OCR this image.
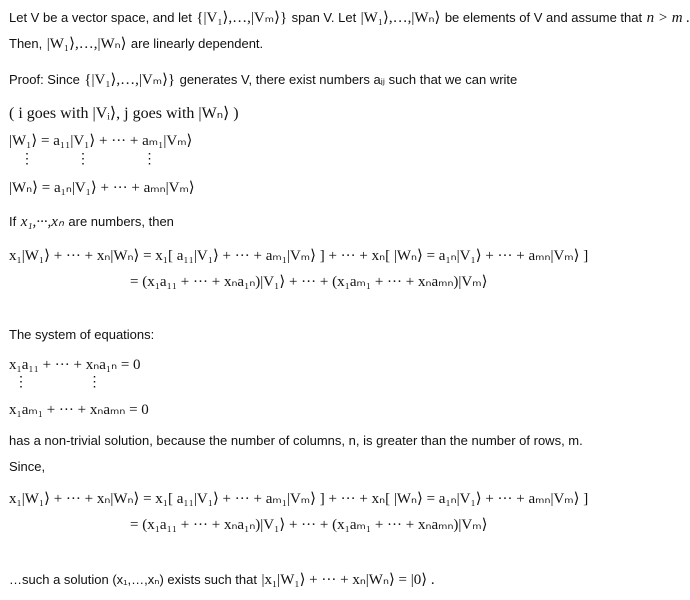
Let V be a vector space, and let {|V₁⟩,…,|Vₘ⟩} span V. Let |W₁⟩,…,|Wₙ⟩ be elements of V and assume that n > m .
Then, |W₁⟩,…,|Wₙ⟩ are linearly dependent.
Proof: Since {|V₁⟩,…,|Vₘ⟩} generates V, there exist numbers aᵢⱼ such that we can write
( i goes with |Vᵢ⟩, j goes with |Wₙ⟩ )
|W₁⟩ = a₁₁|V₁⟩ + ··· + aₘ₁|Vₘ⟩
⋮            ⋮               ⋮
|Wₙ⟩ = a₁ₙ|V₁⟩ + ··· + aₘₙ|Vₘ⟩
If x₁,···,xₙ are numbers, then
x₁|W₁⟩ + ··· + xₙ|Wₙ⟩ = x₁[ a₁₁|V₁⟩ + ··· + aₘ₁|Vₘ⟩ ] + ··· + xₙ[ |Wₙ⟩ = a₁ₙ|V₁⟩ + ··· + aₘₙ|Vₘ⟩ ]
= (x₁a₁₁ + ··· + xₙa₁ₙ)|V₁⟩ + ··· + (x₁aₘ₁ + ··· + xₙaₘₙ)|Vₘ⟩
The system of equations:
x₁a₁₁ + ··· + xₙa₁ₙ = 0
⋮                 ⋮
x₁aₘ₁ + ··· + xₙaₘₙ = 0
has a non-trivial solution, because the number of columns, n, is greater than the number of rows, m.
Since,
x₁|W₁⟩ + ··· + xₙ|Wₙ⟩ = x₁[ a₁₁|V₁⟩ + ··· + aₘ₁|Vₘ⟩ ] + ··· + xₙ[ |Wₙ⟩ = a₁ₙ|V₁⟩ + ··· + aₘₙ|Vₘ⟩ ]
= (x₁a₁₁ + ··· + xₙa₁ₙ)|V₁⟩ + ··· + (x₁aₘ₁ + ··· + xₙaₘₙ)|Vₘ⟩
…such a solution (x₁,…,xₙ) exists such that |x₁|W₁⟩ + ··· + xₙ|Wₙ⟩ = |0⟩ .
